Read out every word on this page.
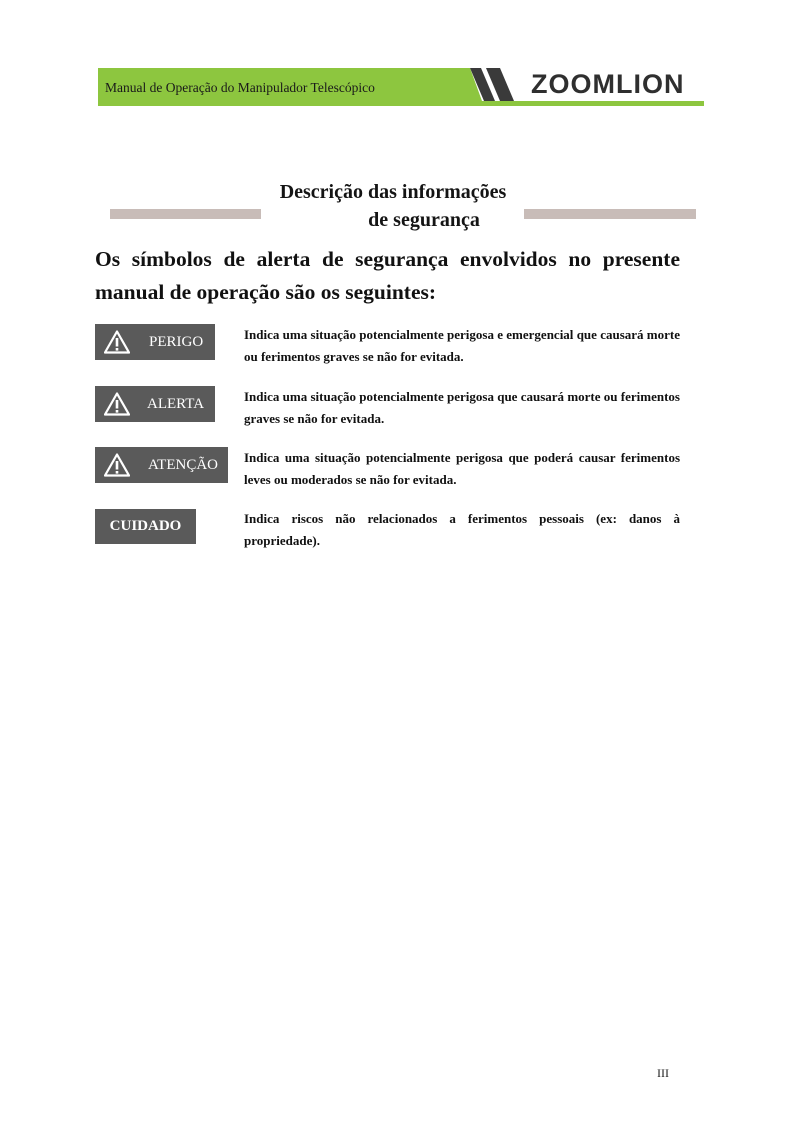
Manual de Operação do Manipulador Telescópico	ZOOMLION
Descrição das informações
de segurança
Os símbolos de alerta de segurança envolvidos no presente manual de operação são os seguintes:
PERIGO	Indica uma situação potencialmente perigosa e emergencial que causará morte ou ferimentos graves se não for evitada.
ALERTA	Indica uma situação potencialmente perigosa que causará morte ou ferimentos graves se não for evitada.
ATENÇÃO Indica uma situação potencialmente perigosa que poderá causar ferimentos leves ou moderados se não for evitada.
CUIDADO	Indica riscos não relacionados a ferimentos pessoais (ex: danos à propriedade).
III
